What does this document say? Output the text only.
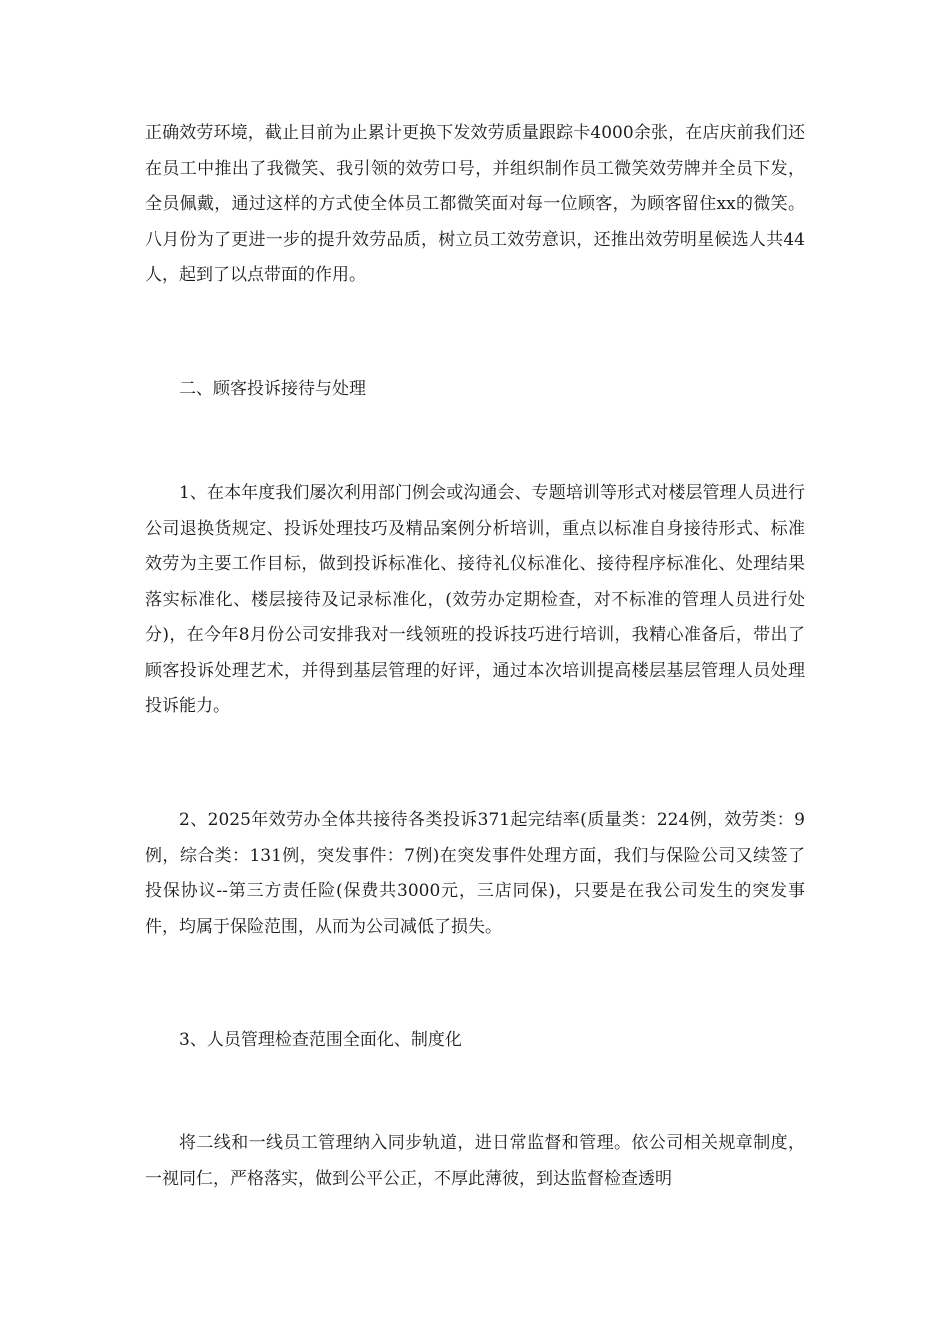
正确效劳环境，截止目前为止累计更换下发效劳质量跟踪卡4000余张，在店庆前我们还在员工中推出了我微笑、我引领的效劳口号，并组织制作员工微笑效劳牌并全员下发，全员佩戴，通过这样的方式使全体员工都微笑面对每一位顾客，为顾客留住xx的微笑。八月份为了更进一步的提升效劳品质，树立员工效劳意识，还推出效劳明星候选人共44人，起到了以点带面的作用。

二、顾客投诉接待与处理

1、在本年度我们屡次利用部门例会或沟通会、专题培训等形式对楼层管理人员进行公司退换货规定、投诉处理技巧及精品案例分析培训，重点以标准自身接待形式、标准效劳为主要工作目标，做到投诉标准化、接待礼仪标准化、接待程序标准化、处理结果落实标准化、楼层接待及记录标准化，(效劳办定期检查，对不标准的管理人员进行处分)，在今年8月份公司安排我对一线领班的投诉技巧进行培训，我精心准备后，带出了顾客投诉处理艺术，并得到基层管理的好评，通过本次培训提高楼层基层管理人员处理投诉能力。

2、2025年效劳办全体共接待各类投诉371起完结率(质量类：224例，效劳类：9例，综合类：131例，突发事件：7例)在突发事件处理方面，我们与保险公司又续签了投保协议--第三方责任险(保费共3000元，三店同保)，只要是在我公司发生的突发事件，均属于保险范围，从而为公司减低了损失。

3、人员管理检查范围全面化、制度化

将二线和一线员工管理纳入同步轨道，进日常监督和管理。依公司相关规章制度，一视同仁，严格落实，做到公平公正，不厚此薄彼，到达监督检查透明
